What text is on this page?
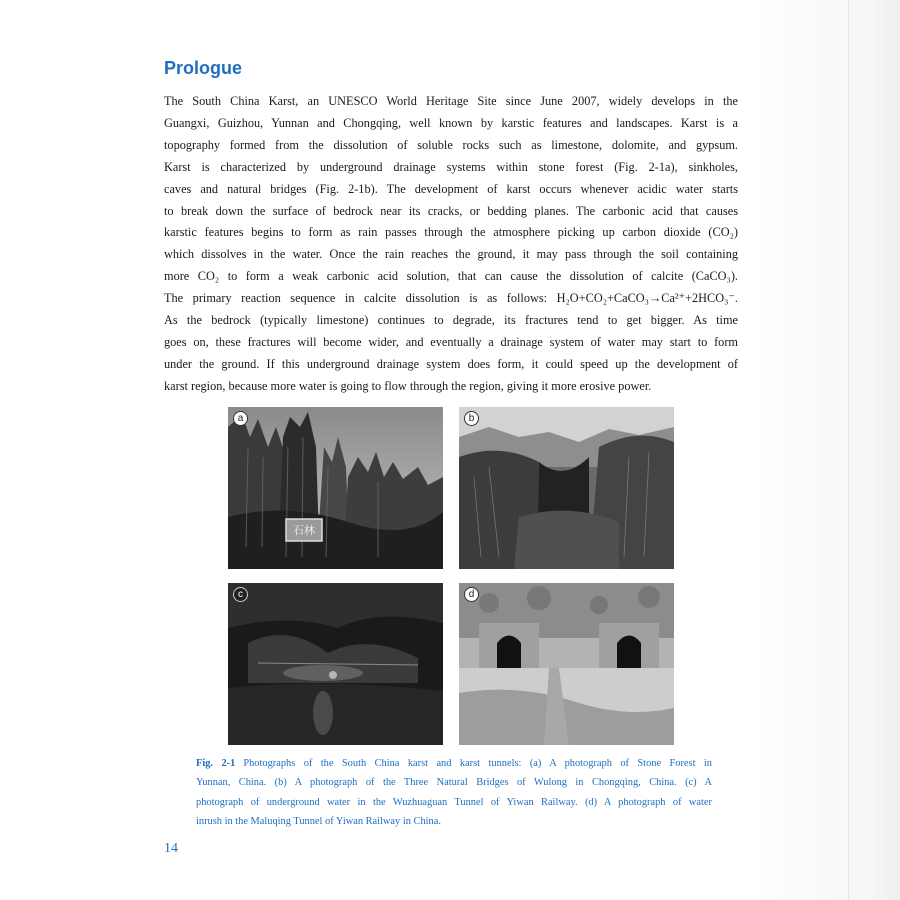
Prologue
The South China Karst, an UNESCO World Heritage Site since June 2007, widely develops in the
Guangxi, Guizhou, Yunnan and Chongqing, well known by karstic features and landscapes. Karst is a
topography formed from the dissolution of soluble rocks such as limestone, dolomite, and gypsum.
Karst is characterized by underground drainage systems within stone forest (Fig. 2-1a), sinkholes,
caves and natural bridges (Fig. 2-1b). The development of karst occurs whenever acidic water starts
to break down the surface of bedrock near its cracks, or bedding planes. The carbonic acid that causes
karstic features begins to form as rain passes through the atmosphere picking up carbon dioxide (CO₂)
which dissolves in the water. Once the rain reaches the ground, it may pass through the soil containing
more CO₂ to form a weak carbonic acid solution, that can cause the dissolution of calcite (CaCO₃).
The primary reaction sequence in calcite dissolution is as follows: H₂O+CO₂+CaCO₃→Ca²⁺+2HCO₃⁻.
As the bedrock (typically limestone) continues to degrade, its fractures tend to get bigger. As time
goes on, these fractures will become wider, and eventually a drainage system of water may start to form
under the ground. If this underground drainage system does form, it could speed up the development of
karst region, because more water is going to flow through the region, giving it more erosive power.
石林
a	b
c	d
Fig. 2-1 Photographs of the South China karst and karst tunnels: (a) A photograph of Stone Forest in
Yunnan, China. (b) A photograph of the Three Natural Bridges of Wulong in Chongqing, China. (c) A
photograph of underground water in the Wuzhuaguan Tunnel of Yiwan Railway. (d) A photograph of water
inrush in the Maluqing Tunnel of Yiwan Railway in China.
14
